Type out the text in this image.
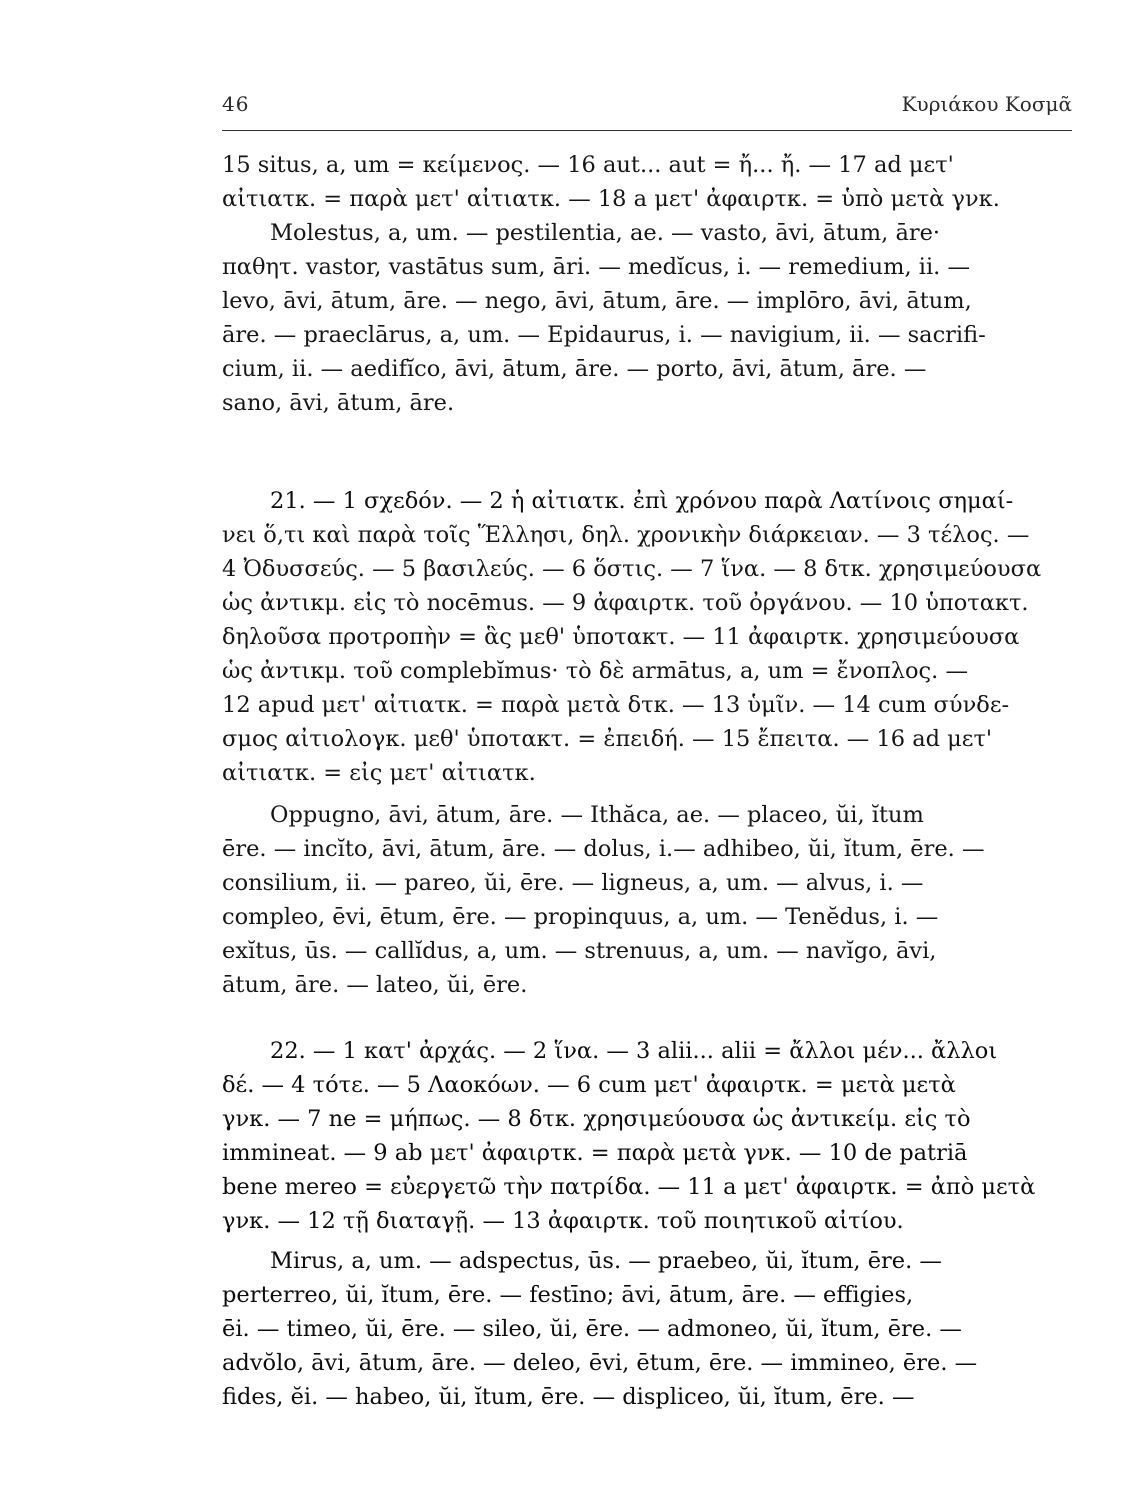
46	Κυριάκου Κοσμᾶ
15 situs, a, um = κείμενος. — 16 aut... aut = ἤ... ἤ. — 17 ad μετ'
αἰτιατκ. = παρὰ μετ' αἰτιατκ. — 18 a μετ' ἀφαιρτκ. = ὑπὸ μετὰ γνκ.
Molestus, a, um. — pestilentia, ae. — vasto, āvi, ātum, āre·
παθητ. vastor, vastātus sum, āri. — medĭcus, i. — remedium, ii. —
levo, āvi, ātum, āre. — nego, āvi, ātum, āre. — implōro, āvi, ātum,
āre. — praeclārus, a, um. — Epidaurus, i. — navigium, ii. — sacrifi-
cium, ii. — aedifĭco, āvi, ātum, āre. — porto, āvi, ātum, āre. —
sano, āvi, ātum, āre.
21. — 1 σχεδόν. — 2 ἡ αἰτιατκ. ἐπὶ χρόνου παρὰ Λατίνοις σημαί-
νει ὅ,τι καὶ παρὰ τοῖς Ἕλλησι, δηλ. χρονικὴν διάρκειαν. — 3 τέλος. —
4 Ὀδυσσεύς. — 5 βασιλεύς. — 6 ὅστις. — 7 ἵνα. — 8 δτκ. χρησιμεύουσα
ὡς ἀντικμ. εἰς τὸ nocēmus. — 9 ἀφαιρτκ. τοῦ ὀργάνου. — 10 ὑποτακτ.
δηλοῦσα προτροπὴν = ἃς μεθ' ὑποτακτ. — 11 ἀφαιρτκ. χρησιμεύουσα
ὡς ἀντικμ. τοῦ complebĭmus· τὸ δὲ armātus, a, um = ἔνοπλος. —
12 apud μετ' αἰτιατκ. = παρὰ μετὰ δτκ. — 13 ὑμῖν. — 14 cum σύνδε-
σμος αἰτιολογκ. μεθ' ὑποτακτ. = ἐπειδή. — 15 ἔπειτα. — 16 ad μετ'
αἰτιατκ. = εἰς μετ' αἰτιατκ.
Oppugno, āvi, ātum, āre. — Ithăca, ae. — placeo, ŭi, ĭtum
ēre. — incĭto, āvi, ātum, āre. — dolus, i.— adhibeo, ŭi, ĭtum, ēre. —
consilium, ii. — pareo, ŭi, ēre. — ligneus, a, um. — alvus, i. —
compleo, ēvi, ētum, ēre. — propinquus, a, um. — Tenĕdus, i. —
exĭtus, ūs. — callĭdus, a, um. — strenuus, a, um. — navĭgo, āvi,
ātum, āre. — lateo, ŭi, ēre.
22. — 1 κατ' ἀρχάς. — 2 ἵνα. — 3 alii... alii = ἄλλοι μέν... ἄλλοι
δέ. — 4 τότε. — 5 Λαοκόων. — 6 cum μετ' ἀφαιρτκ. = μετὰ μετὰ
γνκ. — 7 ne = μήπως. — 8 δτκ. χρησιμεύουσα ὡς ἀντικείμ. εἰς τὸ
immineat. — 9 ab μετ' ἀφαιρτκ. = παρὰ μετὰ γνκ. — 10 de patriā
bene mereo = εὐεργετῶ τὴν πατρίδα. — 11 a μετ' ἀφαιρτκ. = ἀπὸ μετὰ
γνκ. — 12 τῇ διαταγῇ. — 13 ἀφαιρτκ. τοῦ ποιητικοῦ αἰτίου.
Mirus, a, um. — adspectus, ūs. — praebeo, ŭi, ĭtum, ēre. —
perterreo, ŭi, ĭtum, ēre. — festīno; āvi, ātum, āre. — effigies,
ēi. — timeo, ŭi, ēre. — sileo, ŭi, ēre. — admoneo, ŭi, ĭtum, ēre. —
advŏlo, āvi, ātum, āre. — deleo, ēvi, ētum, ēre. — immineo, ēre. —
fides, ĕi. — habeo, ŭi, ĭtum, ēre. — displiceo, ŭi, ĭtum, ēre. —
